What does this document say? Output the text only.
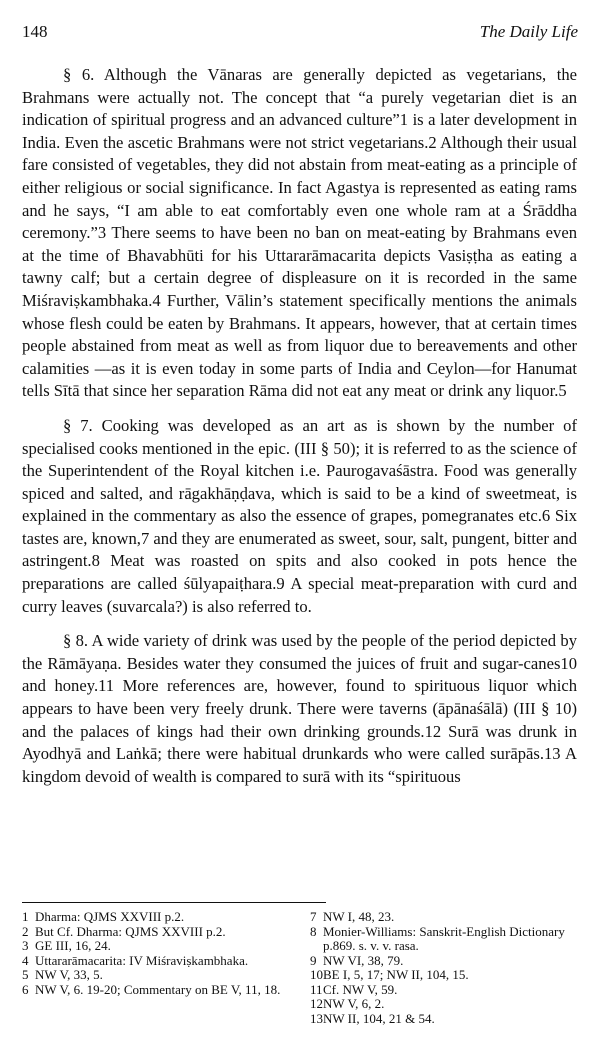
148	The Daily Life

§ 6. Although the Vānaras are generally depicted as vegetarians, the Brahmans were actually not. The concept that “a purely vegetarian diet is an indication of spiritual progress and an advanced culture”1 is a later development in India. Even the ascetic Brahmans were not strict vegetarians.2 Although their usual fare consisted of vegetables, they did not abstain from meat-eating as a principle of either religious or social significance. In fact Agastya is represented as eating rams and he says, “I am able to eat comfortably even one whole ram at a Śrāddha ceremony.”3 There seems to have been no ban on meat-eating by Brahmans even at the time of Bhavabhūti for his Uttararāmacarita depicts Vasiṣṭha as eating a tawny calf; but a certain degree of displeasure on it is recorded in the same Miśraviṣkambhaka.4 Further, Vālin’s statement specifically mentions the animals whose flesh could be eaten by Brahmans. It appears, however, that at certain times people abstained from meat as well as from liquor due to bereavements and other calamities —as it is even today in some parts of India and Ceylon—for Hanumat tells Sītā that since her separation Rāma did not eat any meat or drink any liquor.5

§ 7. Cooking was developed as an art as is shown by the number of specialised cooks mentioned in the epic. (III § 50); it is referred to as the science of the Superintendent of the Royal kitchen i.e. Paurogavaśāstra. Food was generally spiced and salted, and rāgakhāṇḍava, which is said to be a kind of sweetmeat, is explained in the commentary as also the essence of grapes, pomegranates etc.6 Six tastes are, known,7 and they are enumerated as sweet, sour, salt, pungent, bitter and astringent.8 Meat was roasted on spits and also cooked in pots hence the preparations are called śūlyapaiṭhara.9 A special meat-preparation with curd and curry leaves (suvarcala?) is also referred to.

§ 8. A wide variety of drink was used by the people of the period depicted by the Rāmāyaṇa. Besides water they consumed the juices of fruit and sugar-canes10 and honey.11 More references are, however, found to spirituous liquor which appears to have been very freely drunk. There were taverns (āpānaśālā) (III § 10) and the palaces of kings had their own drinking grounds.12 Surā was drunk in Ayodhyā and Laṅkā; there were habitual drunkards who were called surāpās.13 A kingdom devoid of wealth is compared to surā with its “spirituous

1 Dharma: QJMS XXVIII p.2.
2 But Cf. Dharma: QJMS XXVIII p.2.
3 GE III, 16, 24.
4 Uttararāmacarita: IV Miśraviṣkambhaka.
5 NW V, 33, 5.
6 NW V, 6. 19-20; Commentary on BE V, 11, 18.
7 NW I, 48, 23.
8 Monier-Williams: Sanskrit-English Dictionary p.869. s. v. v. rasa.
9 NW VI, 38, 79.
10 BE I, 5, 17; NW II, 104, 15.
11 Cf. NW V, 59.
12 NW V, 6, 2.
13 NW II, 104, 21 & 54.
